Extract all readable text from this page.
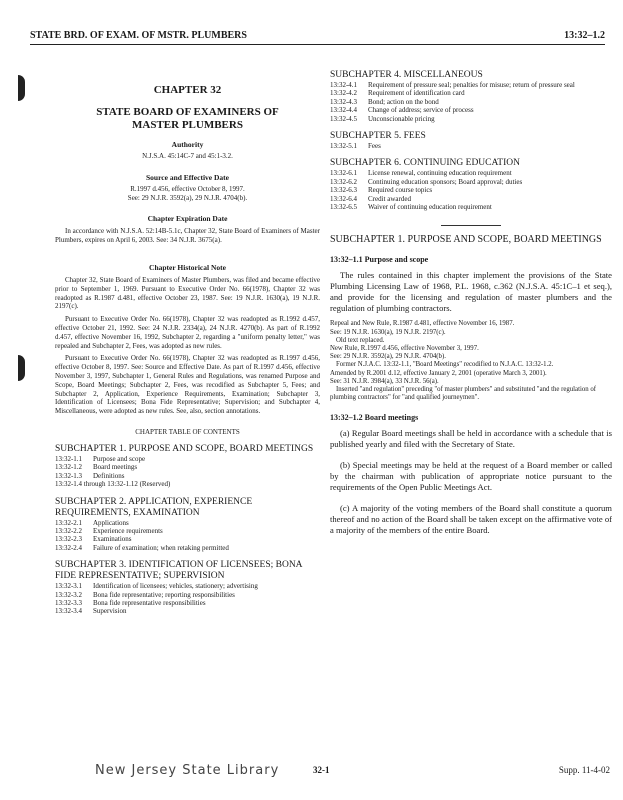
STATE BRD. OF EXAM. OF MSTR. PLUMBERS	13:32–1.2
CHAPTER 32
STATE BOARD OF EXAMINERS OF MASTER PLUMBERS
Authority
N.J.S.A. 45:14C-7 and 45:1-3.2.
Source and Effective Date
R.1997 d.456, effective October 8, 1997.
See: 29 N.J.R. 3592(a), 29 N.J.R. 4704(b).
Chapter Expiration Date
In accordance with N.J.S.A. 52:14B-5.1c, Chapter 32, State Board of Examiners of Master Plumbers, expires on April 6, 2003. See: 34 N.J.R. 3675(a).
Chapter Historical Note
Chapter 32, State Board of Examiners of Master Plumbers, was filed and became effective prior to September 1, 1969. Pursuant to Executive Order No. 66(1978), Chapter 32 was readopted as R.1987 d.481, effective October 23, 1987. See: 19 N.J.R. 1630(a), 19 N.J.R. 2197(c).
Pursuant to Executive Order No. 66(1978), Chapter 32 was readopted as R.1992 d.457, effective October 21, 1992. See: 24 N.J.R. 2334(a), 24 N.J.R. 4270(b). As part of R.1992 d.457, effective November 16, 1992, Subchapter 2, regarding a "uniform penalty letter," was repealed and Subchapter 2, Fees, was adopted as new rules.
Pursuant to Executive Order No. 66(1978), Chapter 32 was readopted as R.1997 d.456, effective October 8, 1997. See: Source and Effective Date. As part of R.1997 d.456, effective November 3, 1997, Subchapter 1, General Rules and Regulations, was renamed Purpose and Scope, Board Meetings; Subchapter 2, Fees, was recodified as Subchapter 5, Fees; and Subchapter 2, Application, Experience Requirements, Examination; Subchapter 3, Identification of Licensees; Bona Fide Representative; Supervision; and Subchapter 4, Miscellaneous, were adopted as new rules. See, also, section annotations.
CHAPTER TABLE OF CONTENTS
SUBCHAPTER 1. PURPOSE AND SCOPE, BOARD MEETINGS
13:32-1.1	Purpose and scope
13:32-1.2	Board meetings
13:32-1.3	Definitions
13:32-1.4 through 13:32-1.12 (Reserved)	
SUBCHAPTER 2. APPLICATION, EXPERIENCE REQUIREMENTS, EXAMINATION
13:32-2.1	Applications
13:32-2.2	Experience requirements
13:32-2.3	Examinations
13:32-2.4	Failure of examination; when retaking permitted
SUBCHAPTER 3. IDENTIFICATION OF LICENSEES; BONA FIDE REPRESENTATIVE; SUPERVISION
13:32-3.1	Identification of licensees; vehicles, stationery; advertising
13:32-3.2	Bona fide representative; reporting responsibilities
13:32-3.3	Bona fide representative responsibilities
13:32-3.4	Supervision
SUBCHAPTER 4. MISCELLANEOUS
13:32-4.1	Requirement of pressure seal; penalties for misuse; return of pressure seal
13:32-4.2	Requirement of identification card
13:32-4.3	Bond; action on the bond
13:32-4.4	Change of address; service of process
13:32-4.5	Unconscionable pricing
SUBCHAPTER 5. FEES
13:32-5.1	Fees
SUBCHAPTER 6. CONTINUING EDUCATION
13:32-6.1	License renewal, continuing education requirement
13:32-6.2	Continuing education sponsors; Board approval; duties
13:32-6.3	Required course topics
13:32-6.4	Credit awarded
13:32-6.5	Waiver of continuing education requirement
SUBCHAPTER 1. PURPOSE AND SCOPE, BOARD MEETINGS
13:32–1.1 Purpose and scope
The rules contained in this chapter implement the provisions of the State Plumbing Licensing Law of 1968, P.L. 1968, c.362 (N.J.S.A. 45:1C–1 et seq.), and provide for the licensing and regulation of master plumbers and the regulation of plumbing contractors.
Repeal and New Rule, R.1987 d.481, effective November 16, 1987.
See: 19 N.J.R. 1630(a), 19 N.J.R. 2197(c).
Old text replaced.
New Rule, R.1997 d.456, effective November 3, 1997.
See: 29 N.J.R. 3592(a), 29 N.J.R. 4704(b).
Former N.J.A.C. 13:32-1.1, "Board Meetings" recodified to N.J.A.C. 13:32-1.2.
Amended by R.2001 d.12, effective January 2, 2001 (operative March 3, 2001).
See: 31 N.J.R. 3984(a), 33 N.J.R. 56(a).
Inserted "and regulation" preceding "of master plumbers" and substituted "and the regulation of plumbing contractors" for "and qualified journeymen".
13:32–1.2 Board meetings
(a) Regular Board meetings shall be held in accordance with a schedule that is published yearly and filed with the Secretary of State.
(b) Special meetings may be held at the request of a Board member or called by the chairman with publication of appropriate notice pursuant to the requirements of the Open Public Meetings Act.
(c) A majority of the voting members of the Board shall constitute a quorum thereof and no action of the Board shall be taken except on the affirmative vote of a majority of the members of the entire Board.
New Jersey State Library	32-1	Supp. 11-4-02
